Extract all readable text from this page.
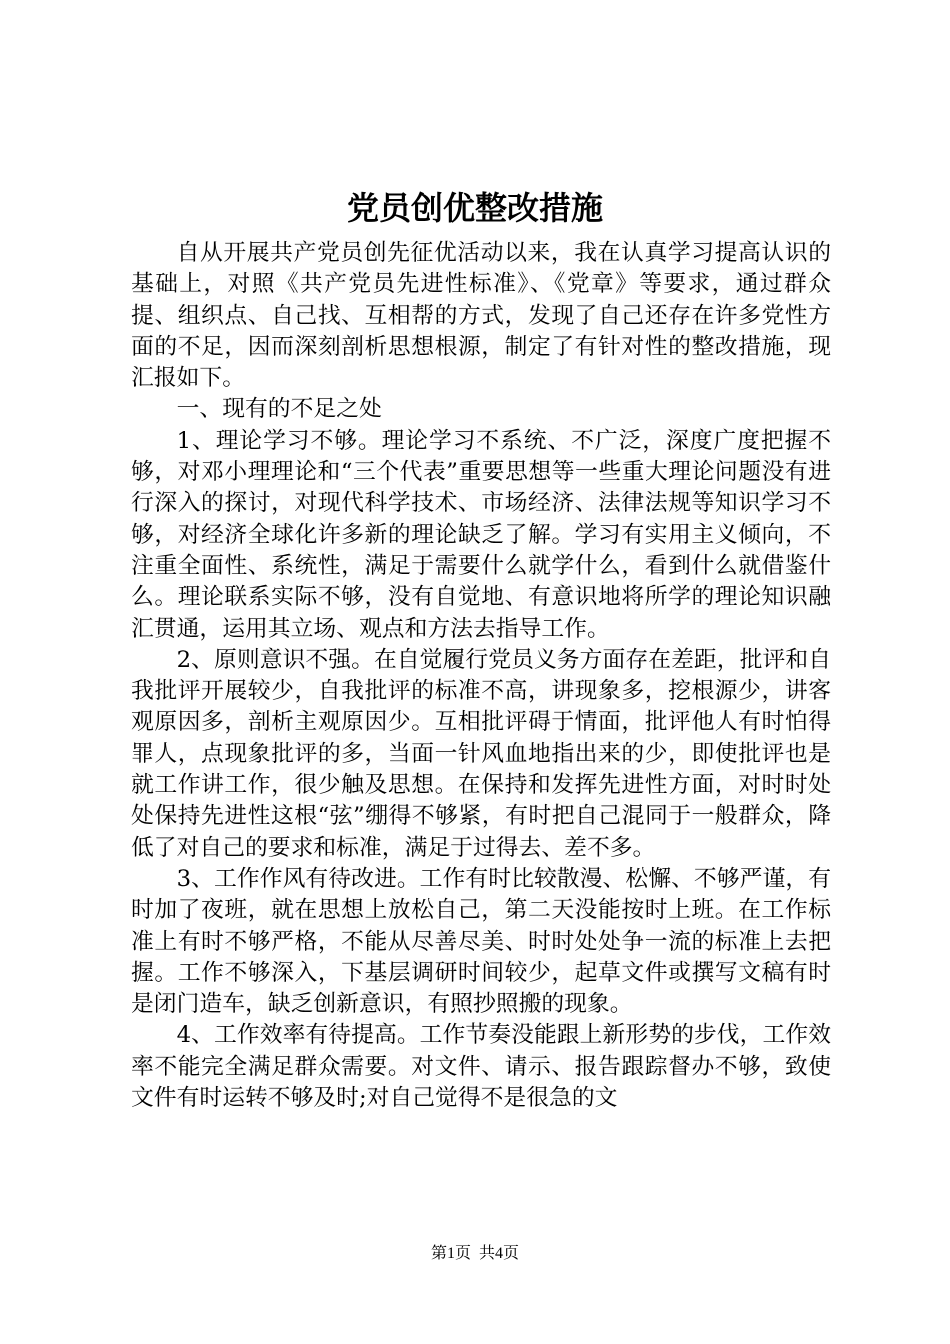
党员创优整改措施

自从开展共产党员创先征优活动以来，我在认真学习提高认识的基础上，对照《共产党员先进性标准》、《党章》等要求，通过群众提、组织点、自己找、互相帮的方式，发现了自己还存在许多党性方面的不足，因而深刻剖析思想根源，制定了有针对性的整改措施，现汇报如下。

一、现有的不足之处

1、理论学习不够。理论学习不系统、不广泛，深度广度把握不够，对邓小理理论和“三个代表”重要思想等一些重大理论问题没有进行深入的探讨，对现代科学技术、市场经济、法律法规等知识学习不够，对经济全球化许多新的理论缺乏了解。学习有实用主义倾向，不注重全面性、系统性，满足于需要什么就学什么，看到什么就借鉴什么。理论联系实际不够，没有自觉地、有意识地将所学的理论知识融汇贯通，运用其立场、观点和方法去指导工作。

2、原则意识不强。在自觉履行党员义务方面存在差距，批评和自我批评开展较少，自我批评的标准不高，讲现象多，挖根源少，讲客观原因多，剖析主观原因少。互相批评碍于情面，批评他人有时怕得罪人，点现象批评的多，当面一针风血地指出来的少，即使批评也是就工作讲工作，很少触及思想。在保持和发挥先进性方面，对时时处处保持先进性这根“弦”绷得不够紧，有时把自己混同于一般群众，降低了对自己的要求和标准，满足于过得去、差不多。

3、工作作风有待改进。工作有时比较散漫、松懈、不够严谨，有时加了夜班，就在思想上放松自己，第二天没能按时上班。在工作标准上有时不够严格，不能从尽善尽美、时时处处争一流的标准上去把握。工作不够深入，下基层调研时间较少，起草文件或撰写文稿有时是闭门造车，缺乏创新意识，有照抄照搬的现象。

4、工作效率有待提高。工作节奏没能跟上新形势的步伐，工作效率不能完全满足群众需要。对文件、请示、报告跟踪督办不够，致使文件有时运转不够及时;对自己觉得不是很急的文

第1页 共4页
